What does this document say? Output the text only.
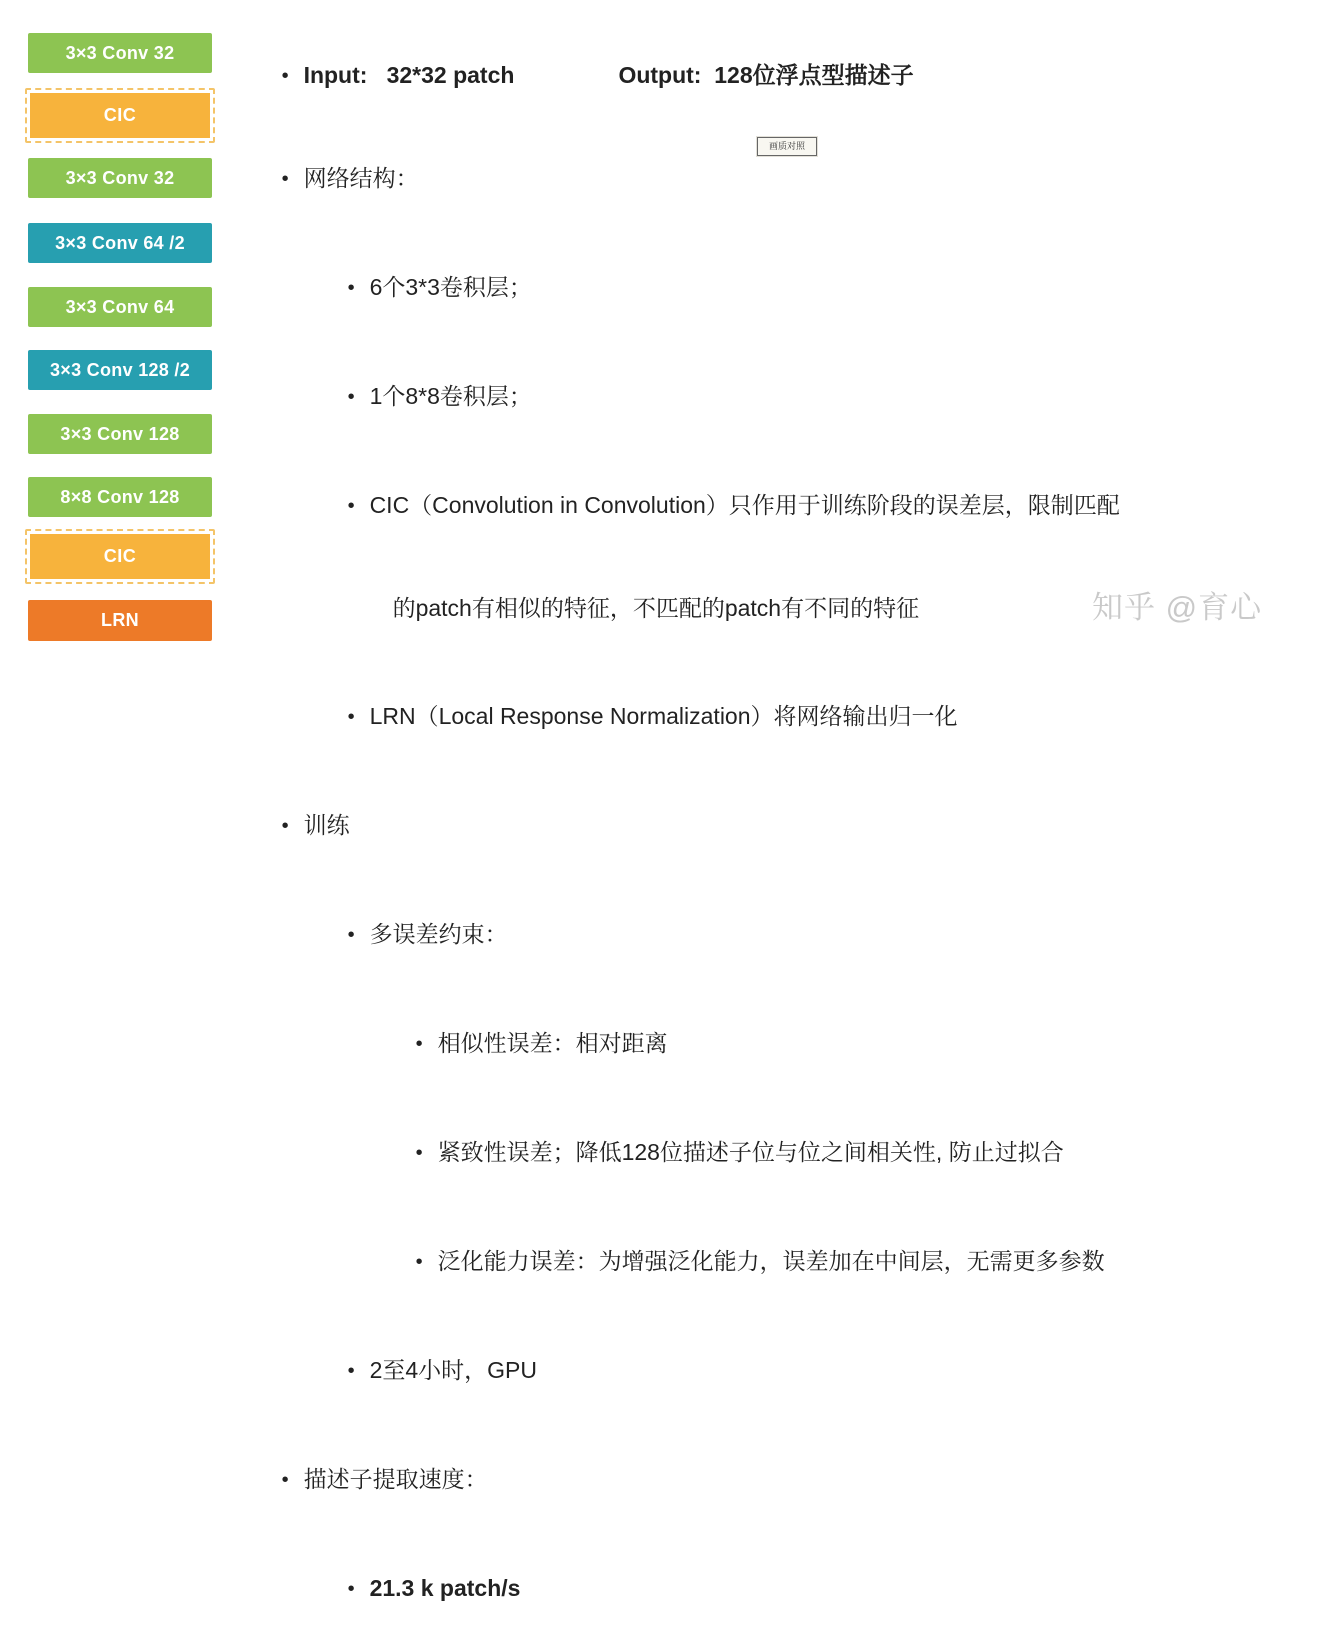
3×3 Conv 32
CIC
3×3 Conv 32
3×3 Conv 64 /2
3×3 Conv 64
3×3 Conv 128 /2
3×3 Conv 128
8×8 Conv 128
CIC
LRN

• Input:   32*32 patch	Output:  128位浮点型描述子

• 网络结构：

• 6个3*3卷积层；

• 1个8*8卷积层；

• CIC（Convolution in Convolution）只作用于训练阶段的误差层，限制匹配

的patch有相似的特征，不匹配的patch有不同的特征

• LRN（Local Response Normalization）将网络输出归一化

• 训练

• 多误差约束：

• 相似性误差：相对距离

• 紧致性误差；降低128位描述子位与位之间相关性, 防止过拟合

• 泛化能力误差：为增强泛化能力，误差加在中间层，无需更多参数

• 2至4小时，GPU

• 描述子提取速度：

• 21.3 k patch/s

画质对照
知乎 @育心
